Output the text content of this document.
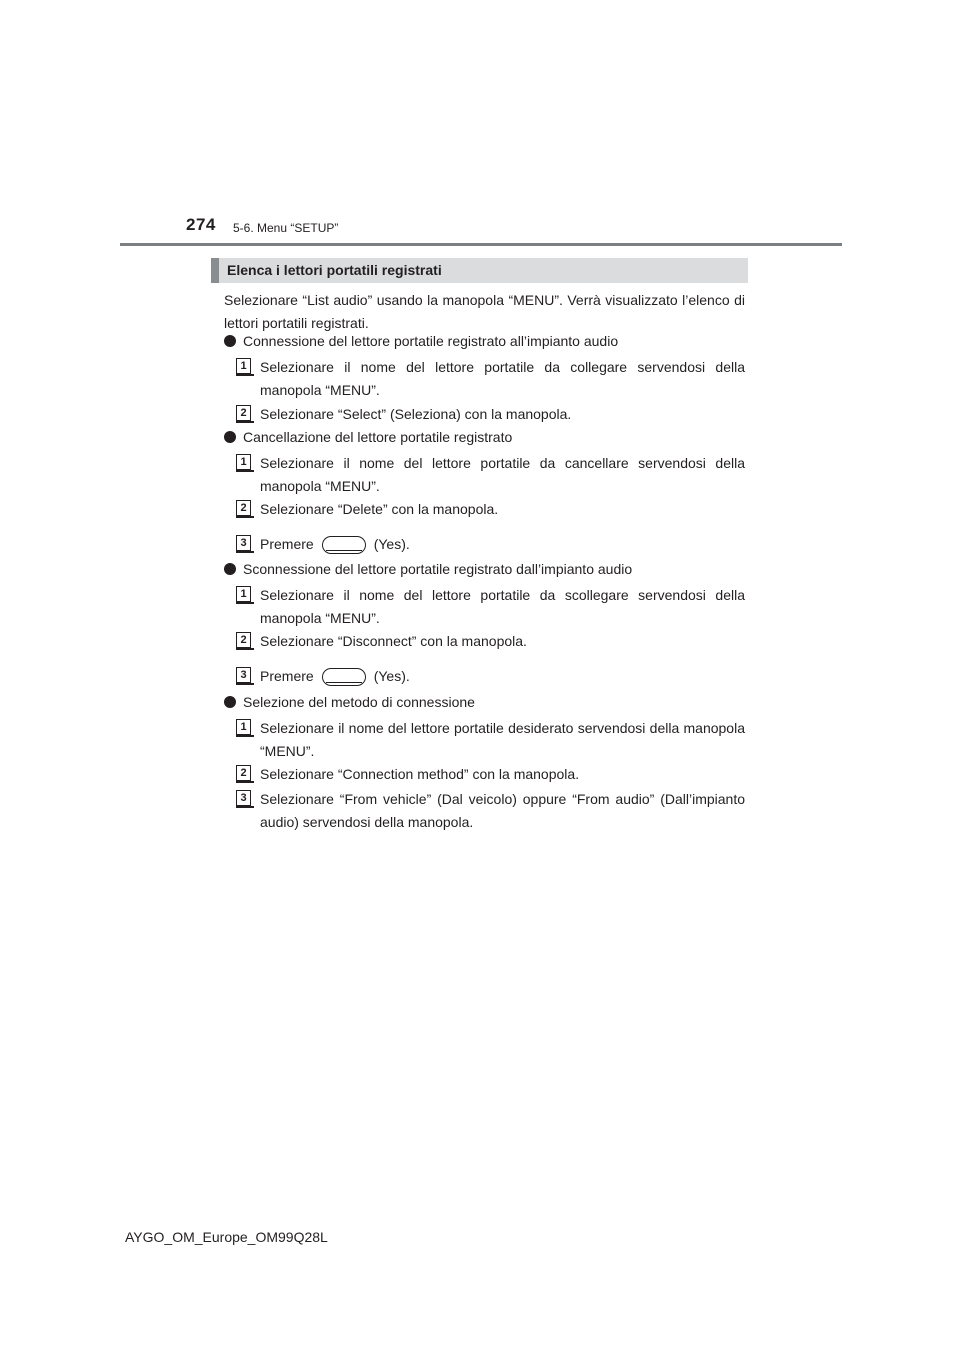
274 5-6. Menu “SETUP”
Elenca i lettori portatili registrati
Selezionare “List audio” usando la manopola “MENU”. Verrà visualizzato l’elenco di lettori portatili registrati.
Connessione del lettore portatile registrato all’impianto audio
1 Selezionare il nome del lettore portatile da collegare servendosi della manopola “MENU”.
2 Selezionare “Select” (Seleziona) con la manopola.
Cancellazione del lettore portatile registrato
1 Selezionare il nome del lettore portatile da cancellare servendosi della manopola “MENU”.
2 Selezionare “Delete” con la manopola.
3 Premere	(Yes).
Sconnessione del lettore portatile registrato dall’impianto audio
1 Selezionare il nome del lettore portatile da scollegare servendosi della manopola “MENU”.
2 Selezionare “Disconnect” con la manopola.
3 Premere	(Yes).
Selezione del metodo di connessione
1 Selezionare il nome del lettore portatile desiderato servendosi della manopola “MENU”.
2 Selezionare “Connection method” con la manopola.
3 Selezionare “From vehicle” (Dal veicolo) oppure “From audio” (Dall’impianto audio) servendosi della manopola.
AYGO_OM_Europe_OM99Q28L
